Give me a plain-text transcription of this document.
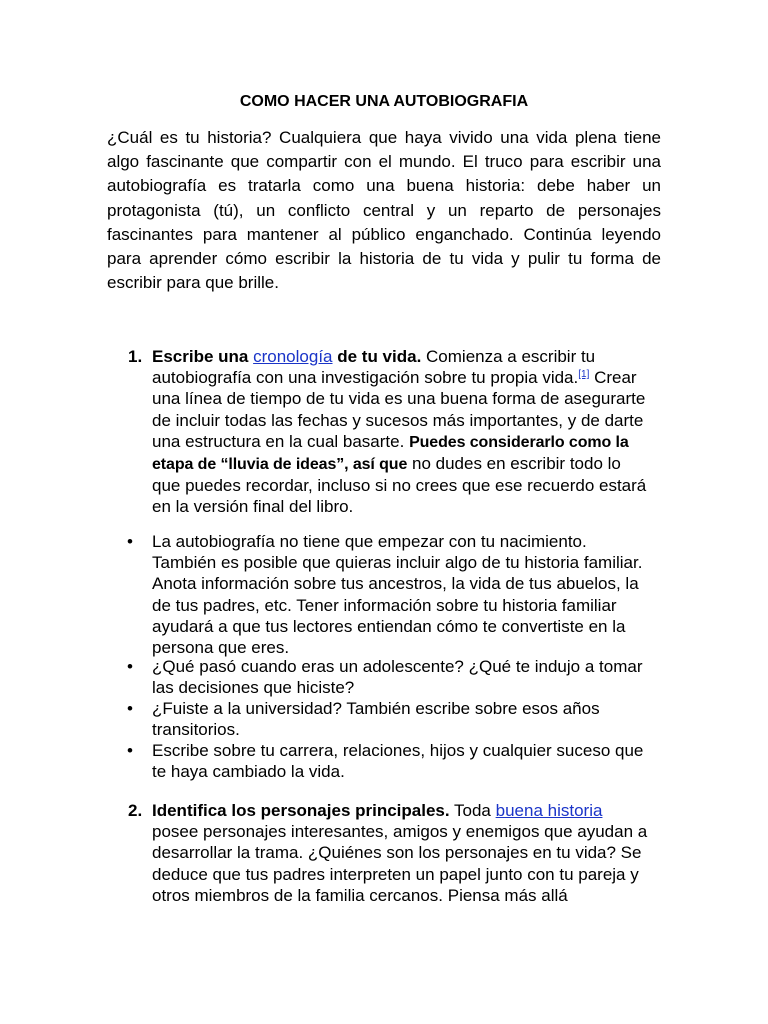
COMO HACER UNA AUTOBIOGRAFIA

¿Cuál es tu historia? Cualquiera que haya vivido una vida plena tiene algo fascinante que compartir con el mundo. El truco para escribir una autobiografía es tratarla como una buena historia: debe haber un protagonista (tú), un conflicto central y un reparto de personajes fascinantes para mantener al público enganchado. Continúa leyendo para aprender cómo escribir la historia de tu vida y pulir tu forma de escribir para que brille.

1. Escribe una cronología de tu vida. Comienza a escribir tu autobiografía con una investigación sobre tu propia vida.[1] Crear una línea de tiempo de tu vida es una buena forma de asegurarte de incluir todas las fechas y sucesos más importantes, y de darte una estructura en la cual basarte. Puedes considerarlo como la etapa de “lluvia de ideas”, así que no dudes en escribir todo lo que puedes recordar, incluso si no crees que ese recuerdo estará en la versión final del libro.
• La autobiografía no tiene que empezar con tu nacimiento. También es posible que quieras incluir algo de tu historia familiar. Anota información sobre tus ancestros, la vida de tus abuelos, la de tus padres, etc. Tener información sobre tu historia familiar ayudará a que tus lectores entiendan cómo te convertiste en la persona que eres.
• ¿Qué pasó cuando eras un adolescente? ¿Qué te indujo a tomar las decisiones que hiciste?
• ¿Fuiste a la universidad? También escribe sobre esos años transitorios.
• Escribe sobre tu carrera, relaciones, hijos y cualquier suceso que te haya cambiado la vida.
2. Identifica los personajes principales. Toda buena historia posee personajes interesantes, amigos y enemigos que ayudan a desarrollar la trama. ¿Quiénes son los personajes en tu vida? Se deduce que tus padres interpreten un papel junto con tu pareja y otros miembros de la familia cercanos. Piensa más allá
